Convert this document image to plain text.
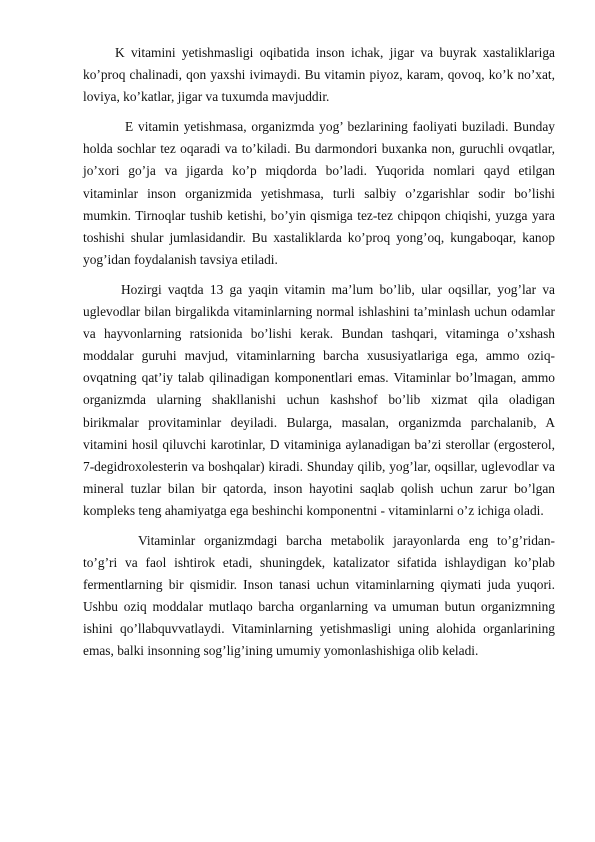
K vitamini yetishmasligi oqibatida inson ichak, jigar va buyrak xastaliklariga ko’proq chalinadi, qon yaxshi ivimaydi. Bu vitamin piyoz, karam, qovoq, ko’k no’xat, loviya, ko’katlar, jigar va tuxumda mavjuddir.

E vitamin yetishmasa, organizmda yog’ bezlarining faoliyati buziladi. Bunday holda sochlar tez oqaradi va to’kiladi. Bu darmondori buxanka non, guruchli ovqatlar, jo’xori go’ja va jigarda ko’p miqdorda bo’ladi. Yuqorida nomlari qayd etilgan vitaminlar inson organizmida yetishmasa, turli salbiy o’zgarishlar sodir bo’lishi mumkin. Tirnoqlar tushib ketishi, bo’yin qismiga tez-tez chipqon chiqishi, yuzga yara toshishi shular jumlasidandir. Bu xastaliklarda ko’proq yong’oq, kungaboqar, kanop yog’idan foydalanish tavsiya etiladi.

Hozirgi vaqtda 13 ga yaqin vitamin ma’lum bo’lib, ular oqsillar, yog’lar va uglevodlar bilan birgalikda vitaminlarning normal ishlashini ta’minlash uchun odamlar va hayvonlarning ratsionida bo’lishi kerak. Bundan tashqari, vitaminga o’xshash moddalar guruhi mavjud, vitaminlarning barcha xususiyatlariga ega, ammo oziq-ovqatning qat’iy talab qilinadigan komponentlari emas. Vitaminlar bo’lmagan, ammo organizmda ularning shakllanishi uchun kashshof bo’lib xizmat qila oladigan birikmalar provitaminlar deyiladi. Bularga, masalan, organizmda parchalanib, A vitamini hosil qiluvchi karotinlar, D vitaminiga aylanadigan ba’zi sterollar (ergosterol, 7-degidroxolesterin va boshqalar) kiradi. Shunday qilib, yog’lar, oqsillar, uglevodlar va mineral tuzlar bilan bir qatorda, inson hayotini saqlab qolish uchun zarur bo’lgan kompleks teng ahamiyatga ega beshinchi komponentni - vitaminlarni o’z ichiga oladi.

Vitaminlar organizmdagi barcha metabolik jarayonlarda eng to’g’ridan-to’g’ri va faol ishtirok etadi, shuningdek, katalizator sifatida ishlaydigan ko’plab fermentlarning bir qismidir. Inson tanasi uchun vitaminlarning qiymati juda yuqori. Ushbu oziq moddalar mutlaqo barcha organlarning va umuman butun organizmning ishini qo’llabquvvatlaydi. Vitaminlarning yetishmasligi uning alohida organlarining emas, balki insonning sog’lig’ining umumiy yomonlashishiga olib keladi.
